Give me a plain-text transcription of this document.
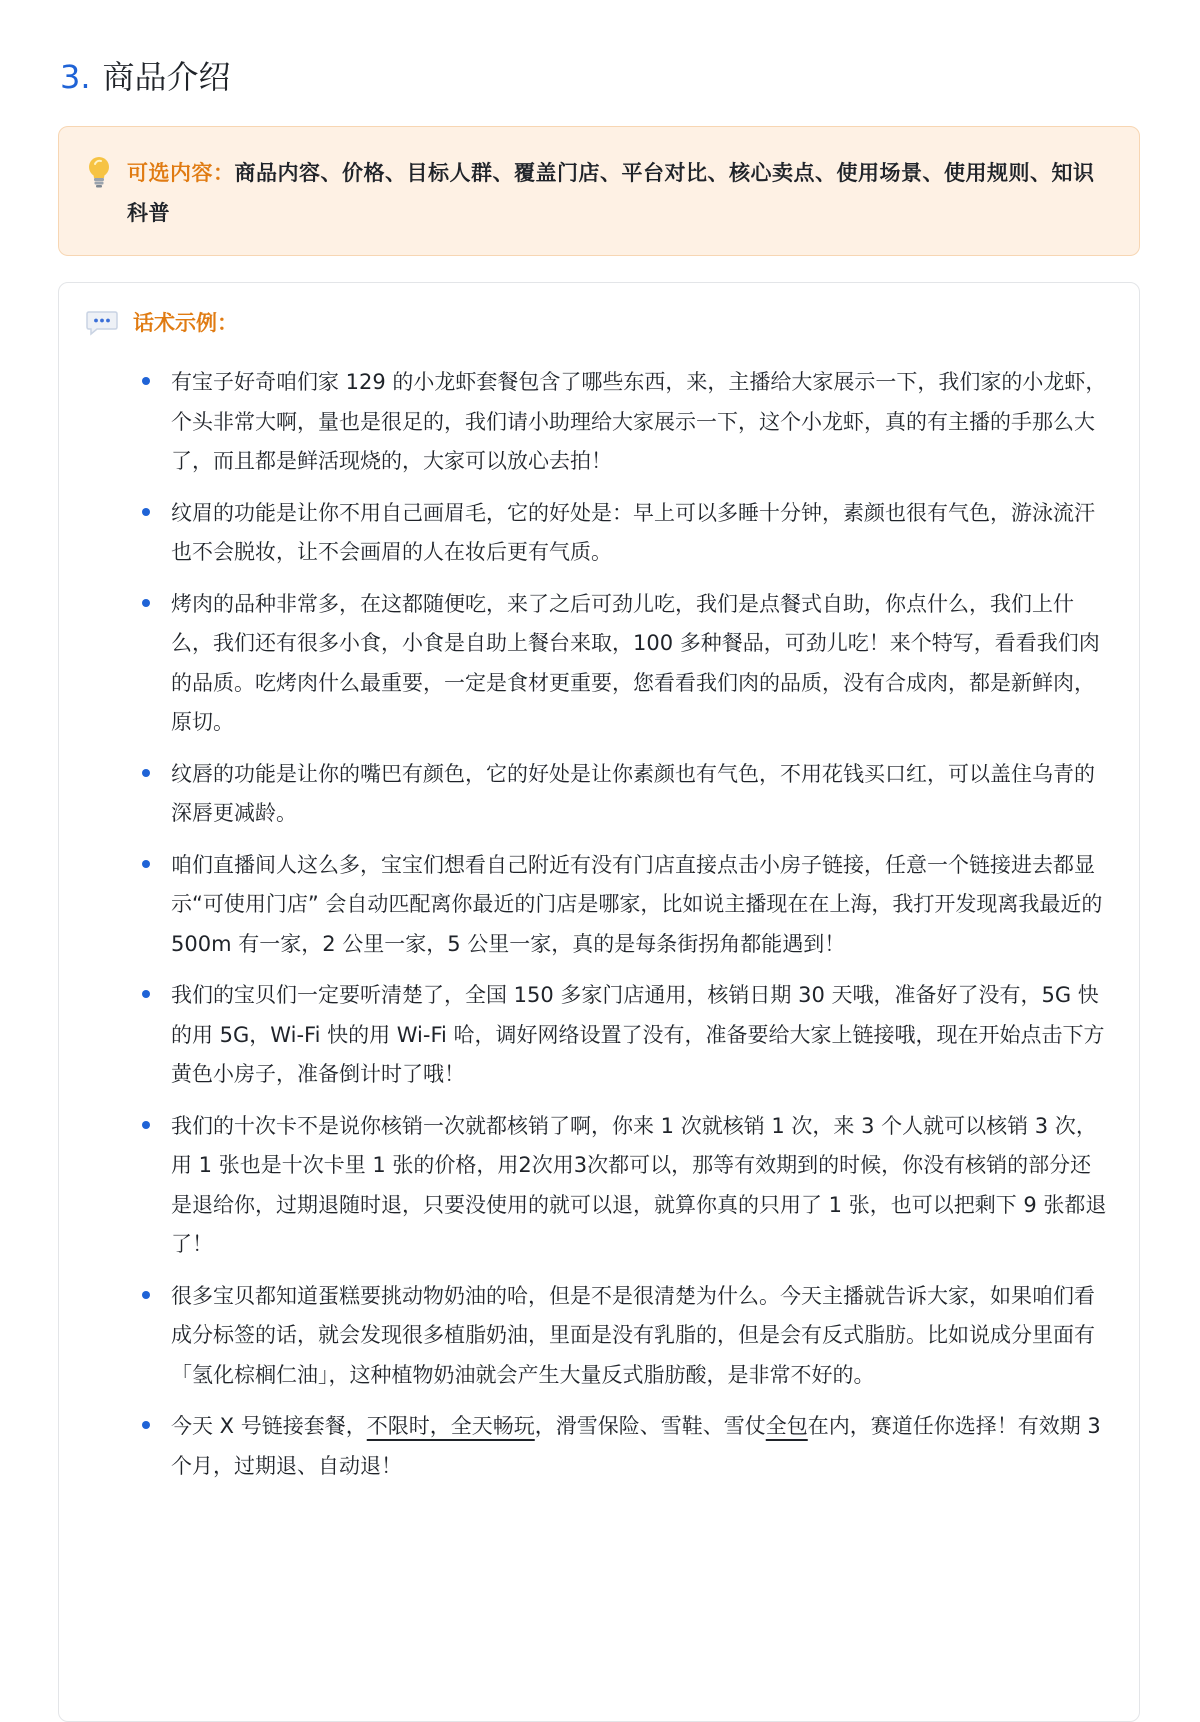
3. 商品介绍
可选内容：商品内容、价格、目标人群、覆盖门店、平台对比、核心卖点、使用场景、使用规则、知识科普
话术示例：
有宝子好奇咱们家 129 的小龙虾套餐包含了哪些东西，来，主播给大家展示一下，我们家的小龙虾，个头非常大啊，量也是很足的，我们请小助理给大家展示一下，这个小龙虾，真的有主播的手那么大了，而且都是鲜活现烧的，大家可以放心去拍！
纹眉的功能是让你不用自己画眉毛，它的好处是：早上可以多睡十分钟，素颜也很有气色，游泳流汗也不会脱妆，让不会画眉的人在妆后更有气质。
烤肉的品种非常多，在这都随便吃，来了之后可劲儿吃，我们是点餐式自助，你点什么，我们上什么，我们还有很多小食，小食是自助上餐台来取，100 多种餐品，可劲儿吃！来个特写，看看我们肉的品质。吃烤肉什么最重要，一定是食材更重要，您看看我们肉的品质，没有合成肉，都是新鲜肉，原切。
纹唇的功能是让你的嘴巴有颜色，它的好处是让你素颜也有气色，不用花钱买口红，可以盖住乌青的深唇更减龄。
咱们直播间人这么多，宝宝们想看自己附近有没有门店直接点击小房子链接，任意一个链接进去都显示“可使用门店” 会自动匹配离你最近的门店是哪家，比如说主播现在在上海，我打开发现离我最近的 500m 有一家，2 公里一家，5 公里一家，真的是每条街拐角都能遇到！
我们的宝贝们一定要听清楚了，全国 150 多家门店通用，核销日期 30 天哦，准备好了没有，5G 快的用 5G，Wi-Fi 快的用 Wi-Fi 哈，调好网络设置了没有，准备要给大家上链接哦，现在开始点击下方黄色小房子，准备倒计时了哦！
我们的十次卡不是说你核销一次就都核销了啊，你来 1 次就核销 1 次，来 3 个人就可以核销 3 次，用 1 张也是十次卡里 1 张的价格，用2次用3次都可以，那等有效期到的时候，你没有核销的部分还是退给你，过期退随时退，只要没使用的就可以退，就算你真的只用了 1 张，也可以把剩下 9 张都退了！
很多宝贝都知道蛋糕要挑动物奶油的哈，但是不是很清楚为什么。今天主播就告诉大家，如果咱们看成分标签的话，就会发现很多植脂奶油，里面是没有乳脂的，但是会有反式脂肪。比如说成分里面有「氢化棕榈仁油」，这种植物奶油就会产生大量反式脂肪酸，是非常不好的。
今天 X 号链接套餐，不限时，全天畅玩，滑雪保险、雪鞋、雪仗全包在内，赛道任你选择！有效期 3 个月，过期退、自动退！
